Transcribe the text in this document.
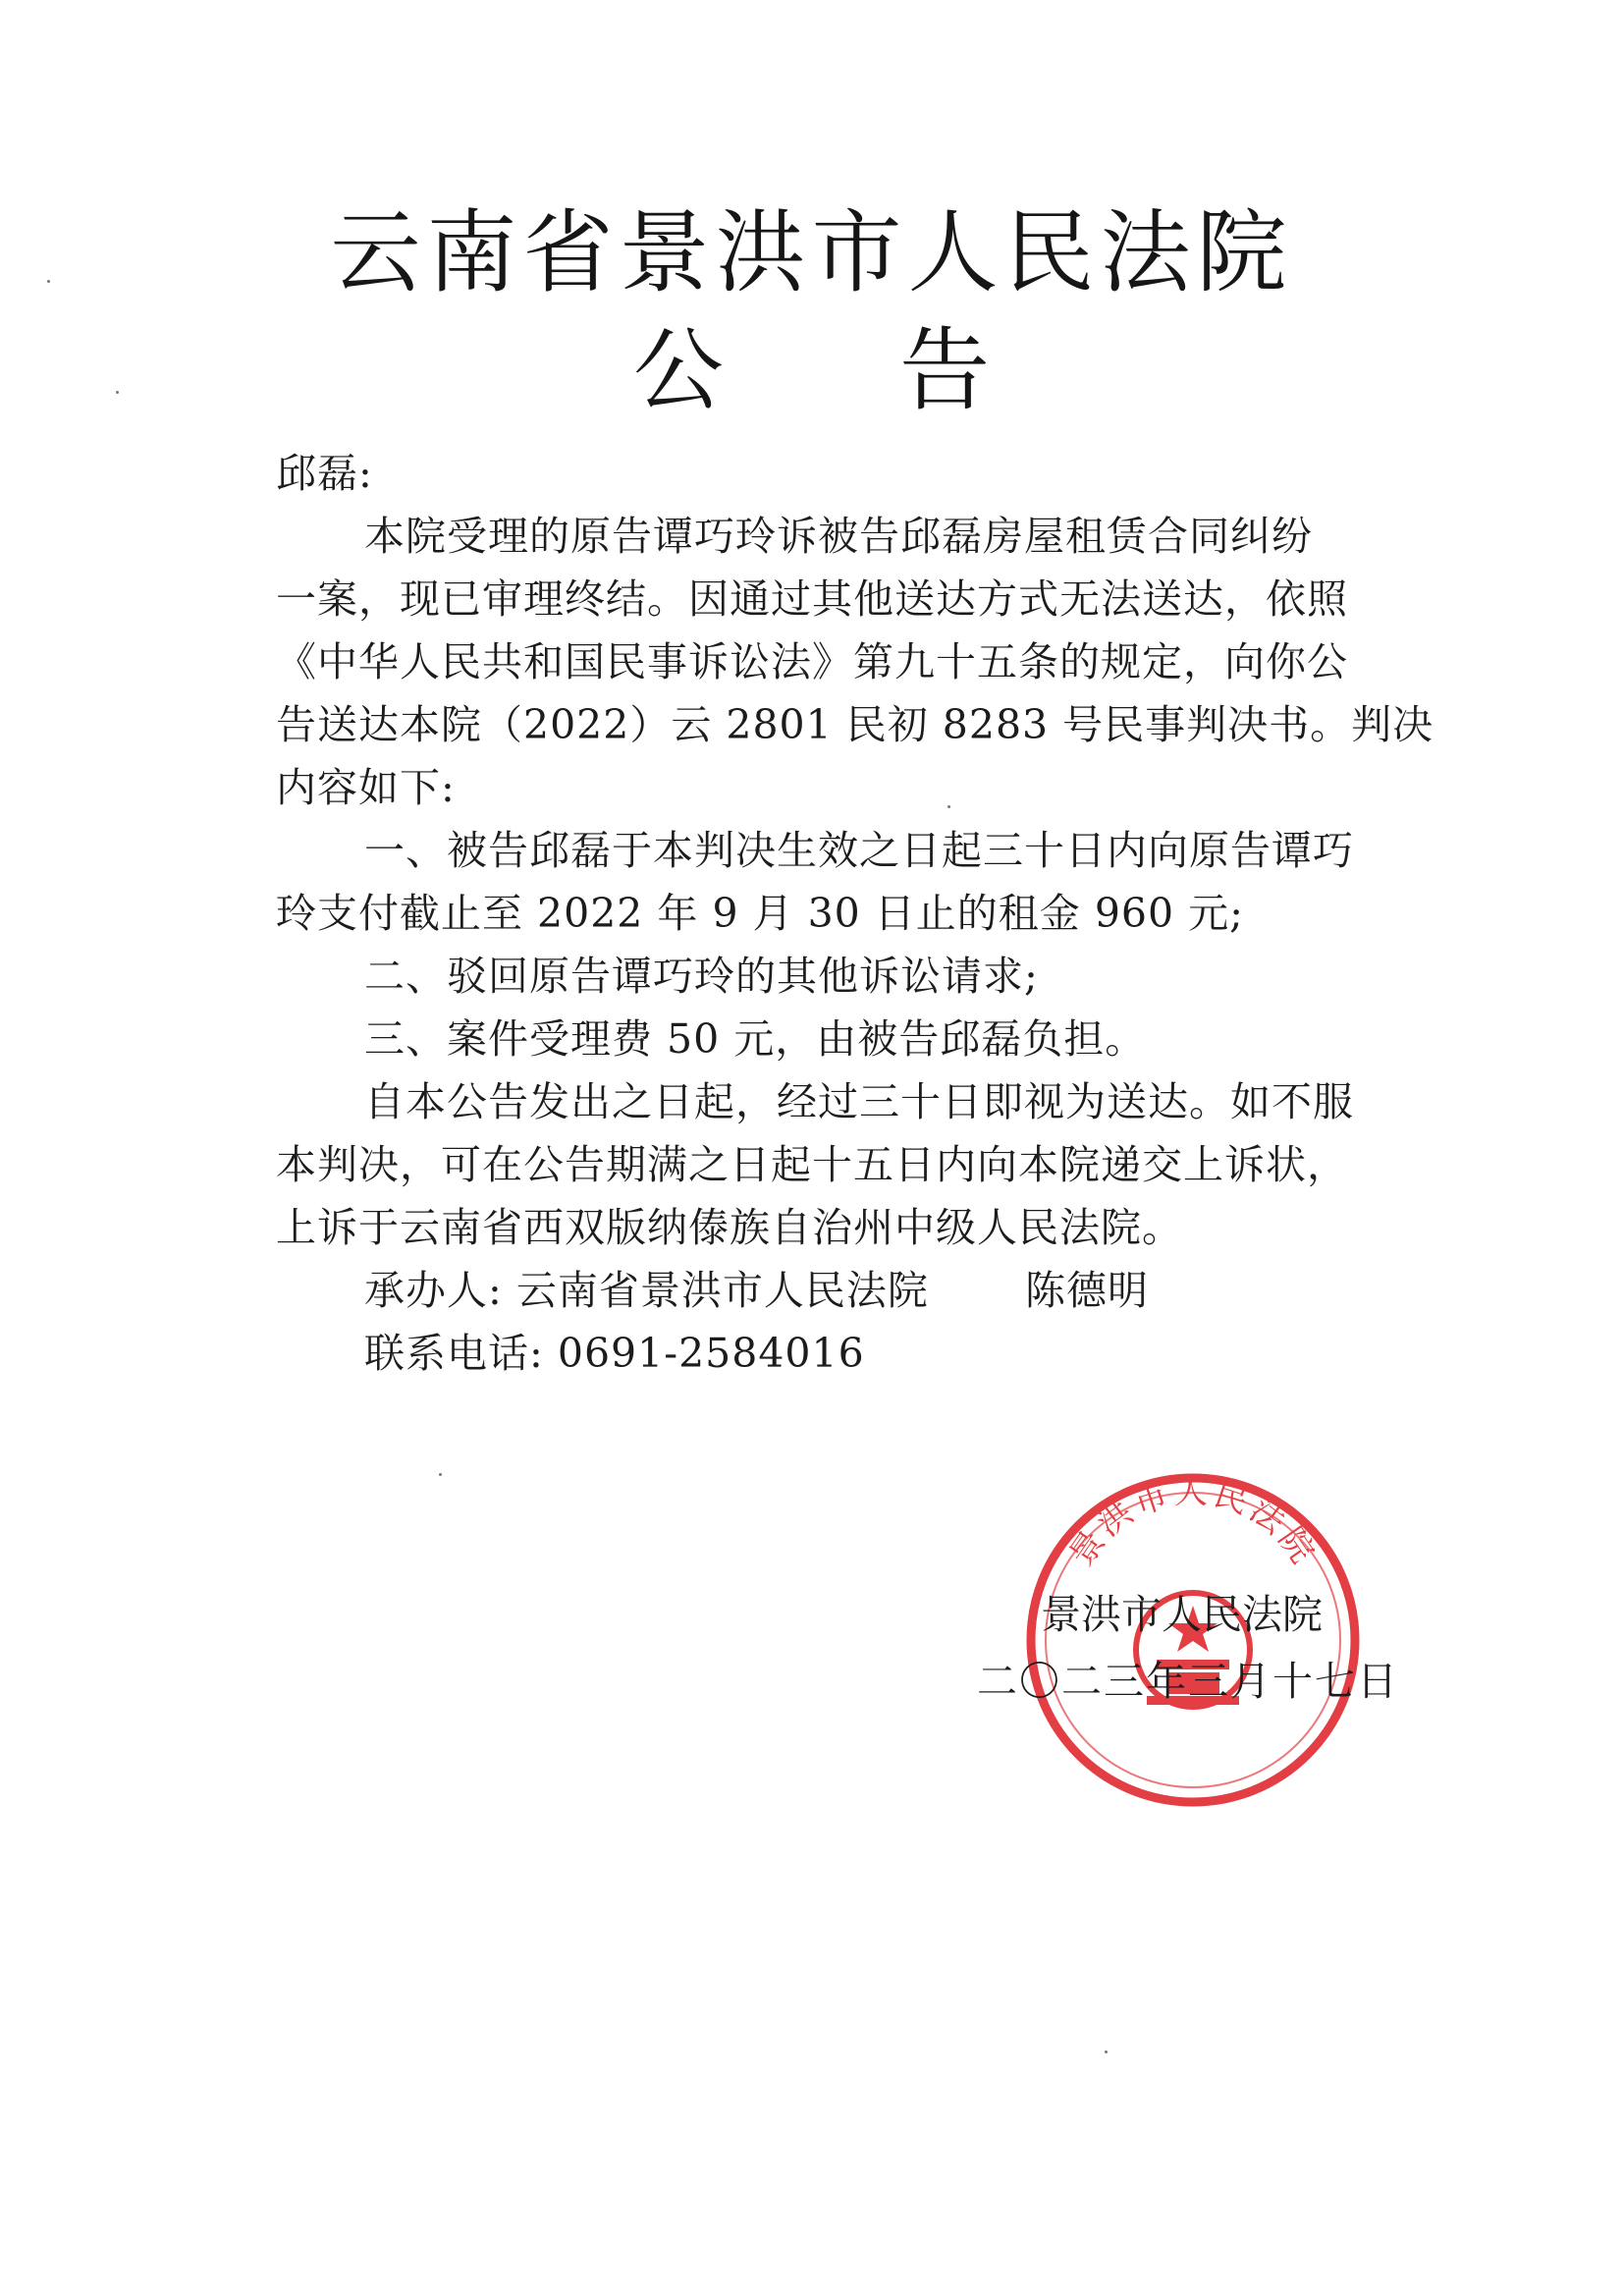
云南省景洪市人民法院
公 告
邱磊:
本院受理的原告谭巧玲诉被告邱磊房屋租赁合同纠纷
一案，现已审理终结。因通过其他送达方式无法送达，依照
《中华人民共和国民事诉讼法》第九十五条的规定，向你公
告送达本院（2022）云 2801 民初 8283 号民事判决书。判决
内容如下:
一、被告邱磊于本判决生效之日起三十日内向原告谭巧
玲支付截止至 2022 年 9 月 30 日止的租金 960 元;
二、驳回原告谭巧玲的其他诉讼请求;
三、案件受理费 50 元，由被告邱磊负担。
自本公告发出之日起，经过三十日即视为送达。如不服
本判决，可在公告期满之日起十五日内向本院递交上诉状，
上诉于云南省西双版纳傣族自治州中级人民法院。
承办人: 云南省景洪市人民法院 陈德明
联系电话: 0691-2584016
景洪市人民法院
景洪市人民法院
二〇二三年三月十七日
